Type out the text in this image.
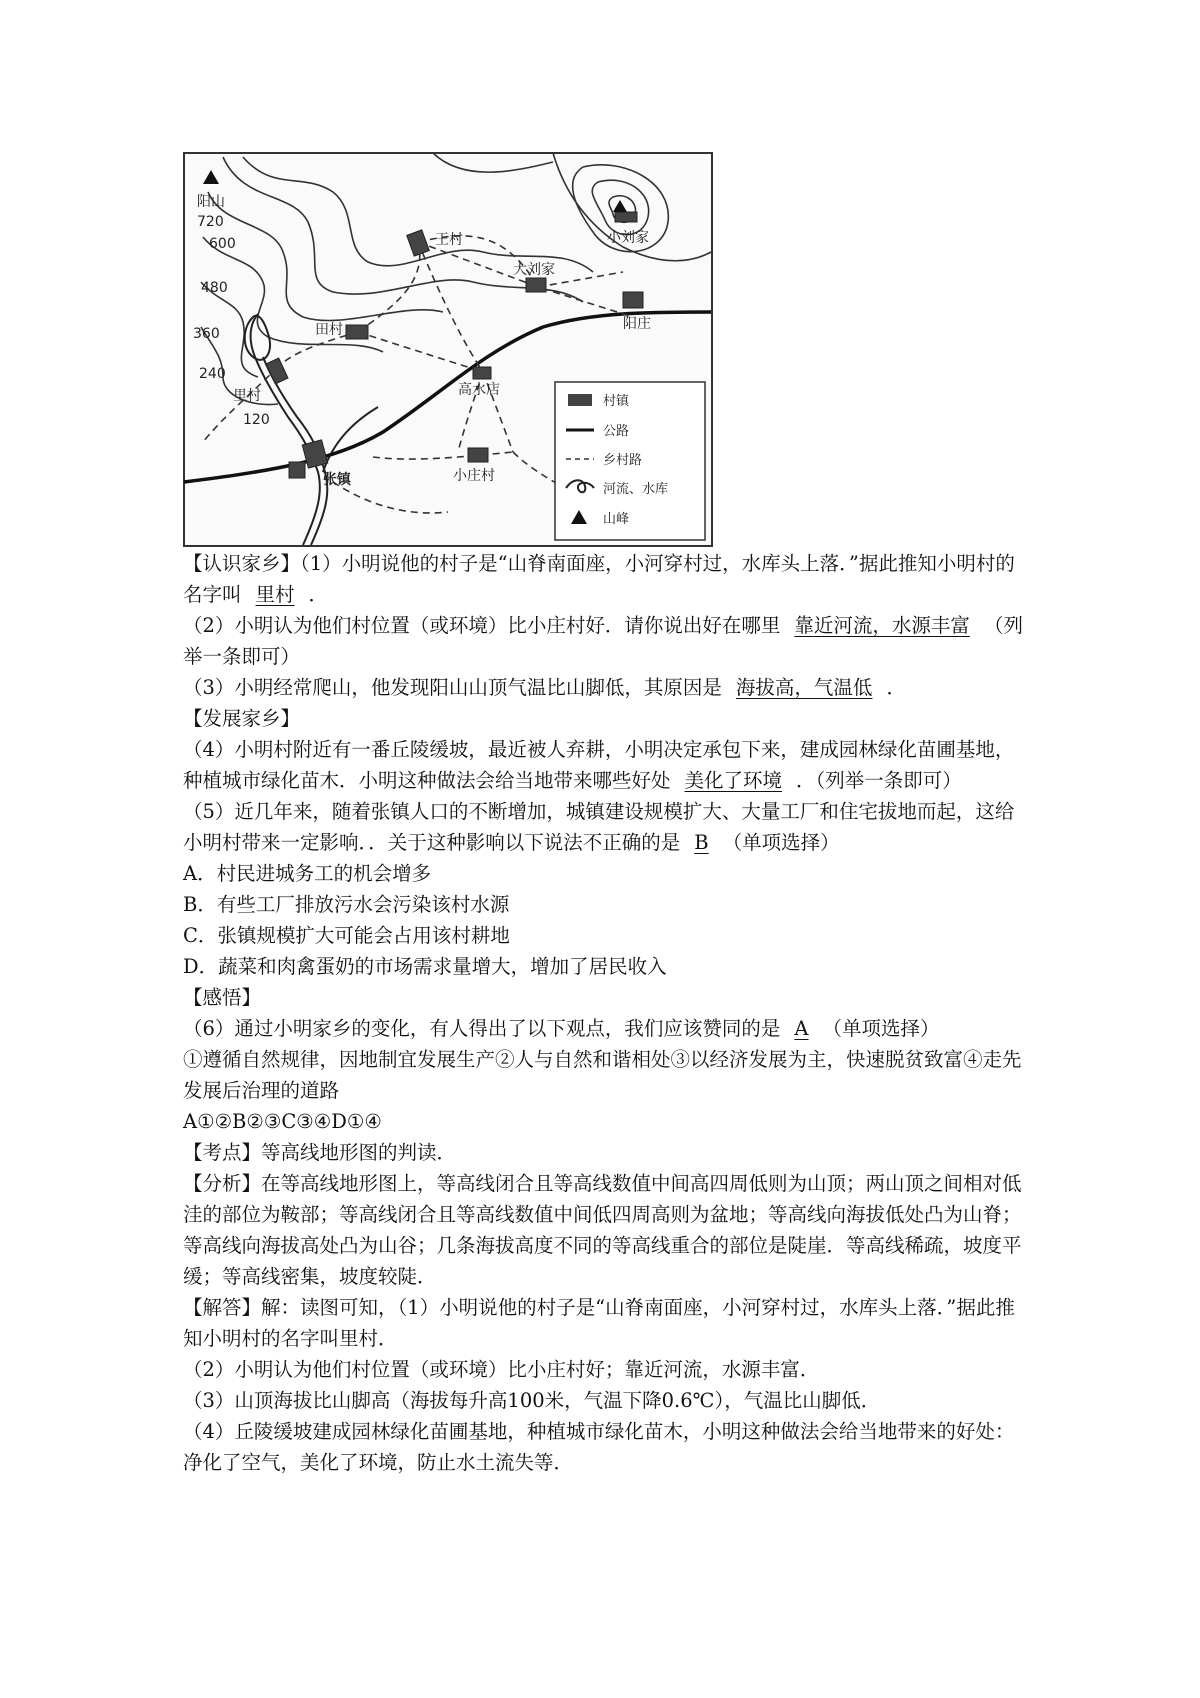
阳山
王村
大刘家
小刘家
阳庄
田村
里村
张镇
高水店
小庄村
720
600
480
360
240
120
村镇
公路
乡村路
河流、水库
山峰

【认识家乡】（1）小明说他的村子是“山脊南面座，小河穿村过，水库头上落．”据此推知小明村的名字叫 里村 ．

（2）小明认为他们村位置（或环境）比小庄村好．请你说出好在哪里 靠近河流，水源丰富 （列举一条即可）

（3）小明经常爬山，他发现阳山山顶气温比山脚低，其原因是 海拔高，气温低 ．

【发展家乡】

（4）小明村附近有一番丘陵缓坡，最近被人弃耕，小明决定承包下来，建成园林绿化苗圃基地，种植城市绿化苗木．小明这种做法会给当地带来哪些好处 美化了环境 ．（列举一条即可）

（5）近几年来，随着张镇人口的不断增加，城镇建设规模扩大、大量工厂和住宅拔地而起，这给小明村带来一定影响．．关于这种影响以下说法不正确的是 B （单项选择）

A．村民进城务工的机会增多

B．有些工厂排放污水会污染该村水源

C．张镇规模扩大可能会占用该村耕地

D．蔬菜和肉禽蛋奶的市场需求量增大，增加了居民收入

【感悟】

（6）通过小明家乡的变化，有人得出了以下观点，我们应该赞同的是 A （单项选择）

①遵循自然规律，因地制宜发展生产②人与自然和谐相处③以经济发展为主，快速脱贫致富④走先发展后治理的道路

A①②B②③C③④D①④

【考点】等高线地形图的判读．

【分析】在等高线地形图上，等高线闭合且等高线数值中间高四周低则为山顶；两山顶之间相对低洼的部位为鞍部；等高线闭合且等高线数值中间低四周高则为盆地；等高线向海拔低处凸为山脊；等高线向海拔高处凸为山谷；几条海拔高度不同的等高线重合的部位是陡崖．等高线稀疏，坡度平缓；等高线密集，坡度较陡．

【解答】解：读图可知，（1）小明说他的村子是“山脊南面座，小河穿村过，水库头上落．”据此推知小明村的名字叫里村．

（2）小明认为他们村位置（或环境）比小庄村好；靠近河流，水源丰富．

（3）山顶海拔比山脚高（海拔每升高100米，气温下降0.6℃），气温比山脚低．

（4）丘陵缓坡建成园林绿化苗圃基地，种植城市绿化苗木，小明这种做法会给当地带来的好处：净化了空气，美化了环境，防止水土流失等．
